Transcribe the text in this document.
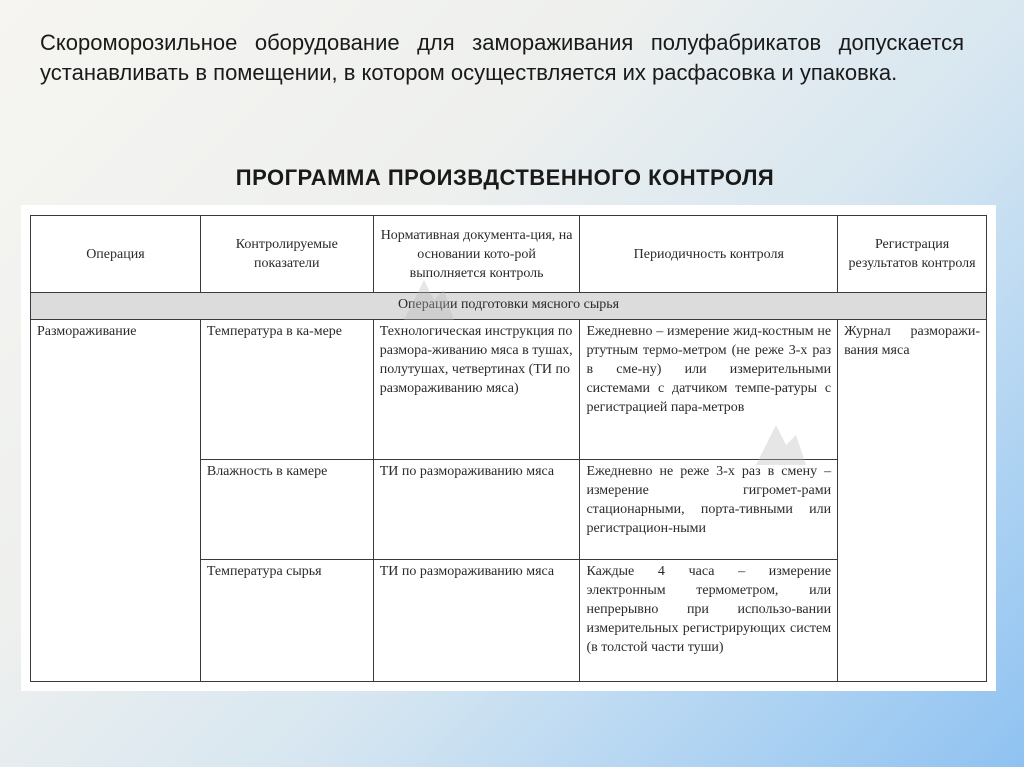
Скороморозильное оборудование для замораживания полуфабрикатов допускается устанавливать в помещении, в котором осуществляется их расфасовка и упаковка.
ПРОГРАММА ПРОИЗВДСТВЕННОГО КОНТРОЛЯ
Операция	Контролируемые показатели	Нормативная документа-ция, на основании кото-рой выполняется контроль	Периодичность контроля	Регистрация результатов контроля
Операции подготовки мясного сырья				
Размораживание	Температура в ка-мере	Технологическая инструкция по размора-живанию мяса в тушах, полутушах, четвертинах (ТИ по размораживанию мяса)	Ежедневно – измерение жид-костным не ртутным термо-метром (не реже 3-х раз в сме-ну) или измерительными системами с датчиком темпе-ратуры с регистрацией пара-метров	Журнал разморажи-вания мяса
	Влажность в камере	ТИ по размораживанию мяса	Ежедневно не реже 3-х раз в смену – измерение гигромет-рами стационарными, порта-тивными или регистрацион-ными	
	Температура сырья	ТИ по размораживанию мяса	Каждые 4 часа – измерение электронным термометром, или непрерывно при использо-вании измерительных регистрирующих систем (в толстой части туши)	
